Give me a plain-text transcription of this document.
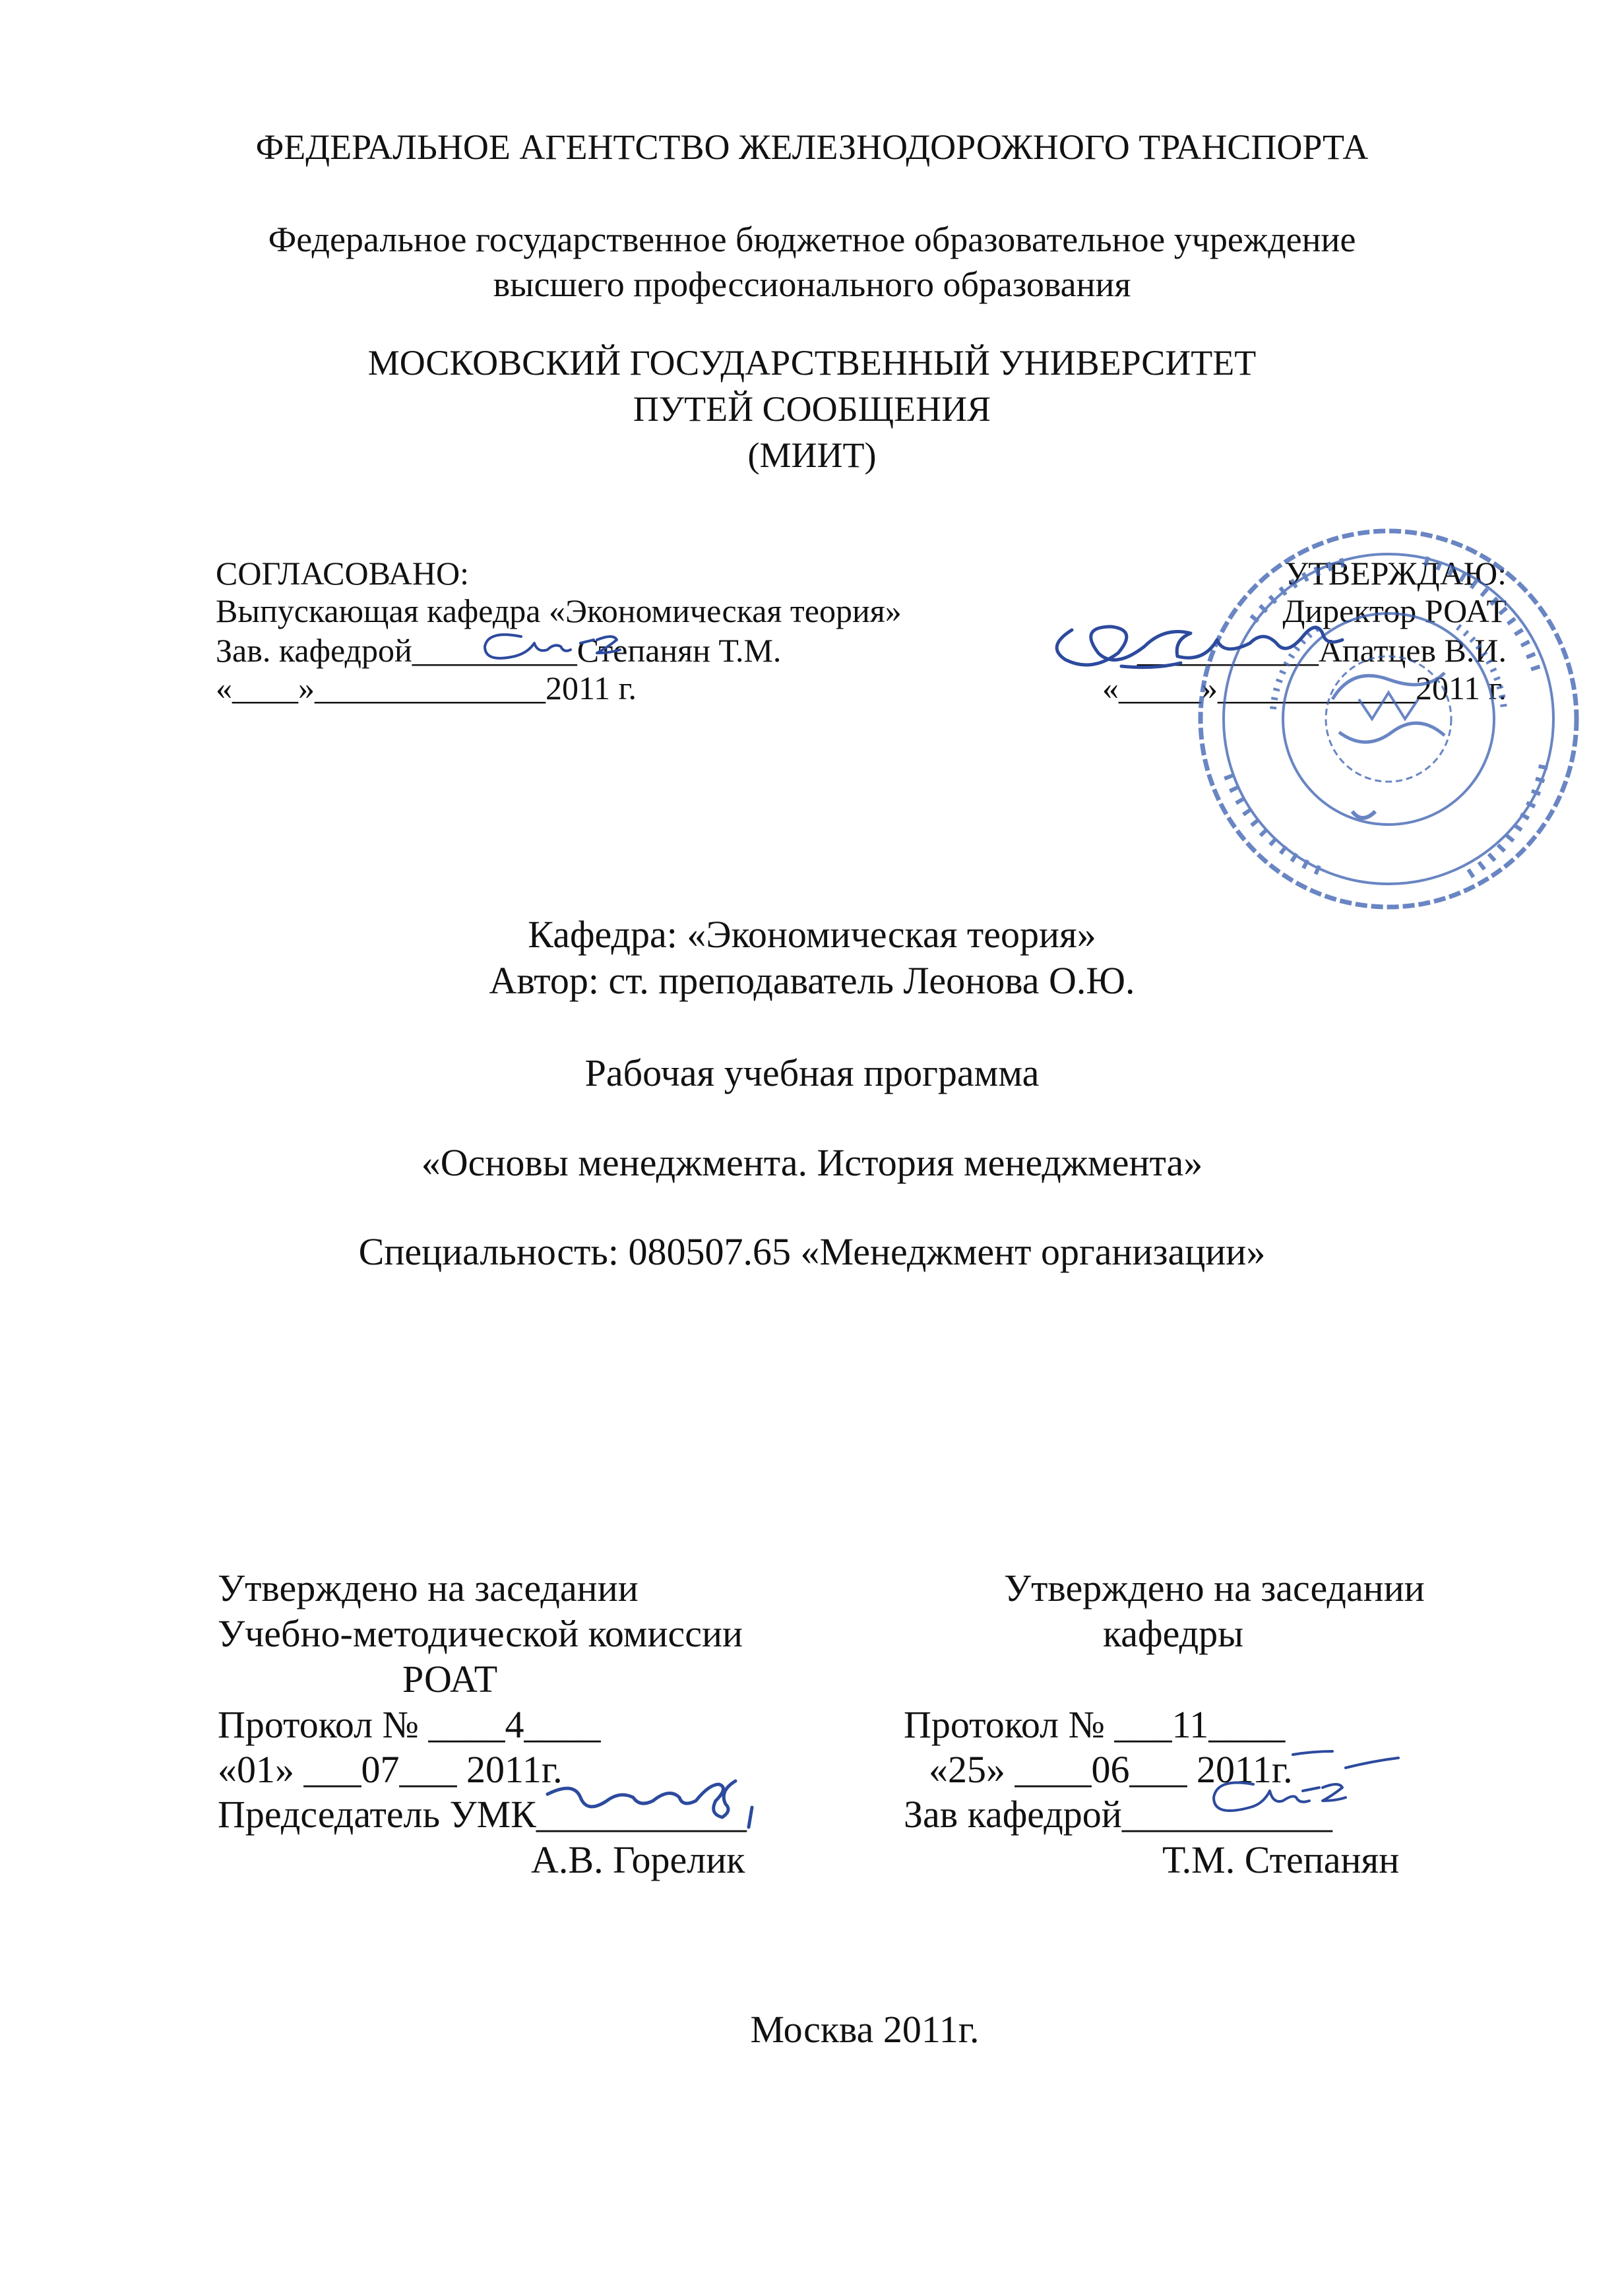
ФЕДЕРАЛЬНОЕ АГЕНТСТВО ЖЕЛЕЗНОДОРОЖНОГО ТРАНСПОРТА
Федеральное государственное бюджетное образовательное учреждение
высшего профессионального образования
МОСКОВСКИЙ ГОСУДАРСТВЕННЫЙ УНИВЕРСИТЕТ
ПУТЕЙ СООБЩЕНИЯ
(МИИТ)
СОГЛАСОВАНО:
Выпускающая кафедра «Экономическая теория»
Зав. кафедрой__________Степанян Т.М.
«____»______________2011 г.
УТВЕРЖДАЮ:
Директор РОАТ
___________Апатцев В.И.
«_____»____________2011 г.
Кафедра: «Экономическая теория»
Автор: ст. преподаватель Леонова О.Ю.
Рабочая учебная программа
«Основы менеджмента. История менеджмента»
Специальность: 080507.65 «Менеджмент организации»
Утверждено на заседании
Учебно-методической комиссии
РОАТ
Протокол № ____4____
«01» ___07___ 2011г.
Председатель УМК___________
А.В. Горелик
Утверждено на заседании
кафедры
Протокол № ___11____
«25» ____06___ 2011г.
Зав кафедрой___________
Т.М. Степанян
Москва 2011г.
